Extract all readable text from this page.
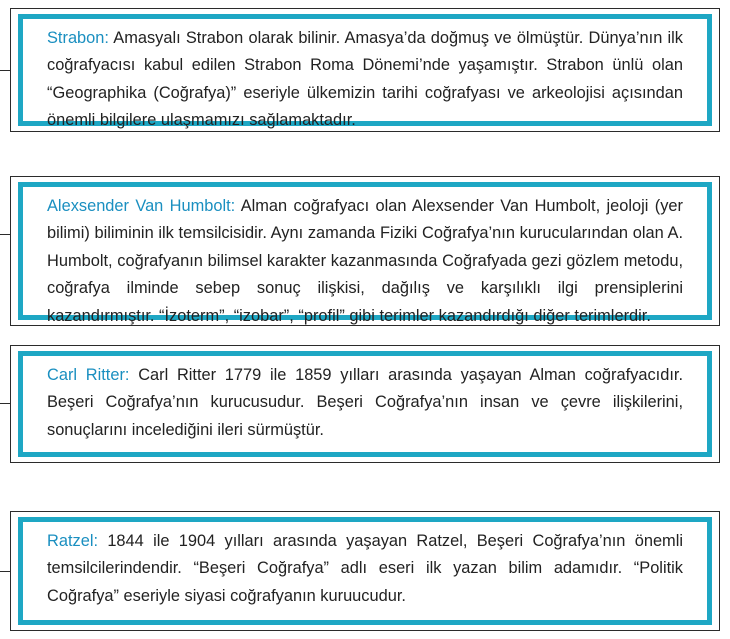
Strabon: Amasyalı Strabon olarak bilinir. Amasya’da doğmuş ve ölmüştür. Dünya’nın ilk coğrafyacısı kabul edilen Strabon Roma Dönemi’nde yaşamıştır. Strabon ünlü olan “Geographika (Coğrafya)” eseriyle ülkemizin tarihi coğrafyası ve arkeolojisi açısından önemli bilgilere ulaşmamızı sağlamaktadır.

Alexsender Van Humbolt: Alman coğrafyacı olan Alexsender Van Humbolt, jeoloji (yer bilimi) biliminin ilk temsilcisidir. Aynı zamanda Fiziki Coğrafya’nın kurucularından olan A. Humbolt, coğrafyanın bilimsel karakter kazanmasında Coğrafyada gezi gözlem metodu, coğrafya ilminde sebep sonuç ilişkisi, dağılış ve karşılıklı ilgi prensiplerini kazandırmıştır. “İzoterm”, “izobar”, “profil” gibi terimler kazandırdığı diğer terimlerdir.

Carl Ritter: Carl Ritter 1779 ile 1859 yılları arasında yaşayan Alman coğrafyacıdır. Beşeri Coğrafya’nın kurucusudur. Beşeri Coğrafya’nın insan ve çevre ilişkilerini, sonuçlarını incelediğini ileri sürmüştür.

Ratzel: 1844 ile 1904 yılları arasında yaşayan Ratzel, Beşeri Coğrafya’nın önemli temsilcilerindendir. “Beşeri Coğrafya” adlı eseri ilk yazan bilim adamıdır. “Politik Coğrafya” eseriyle siyasi coğrafyanın kuruucudur.
